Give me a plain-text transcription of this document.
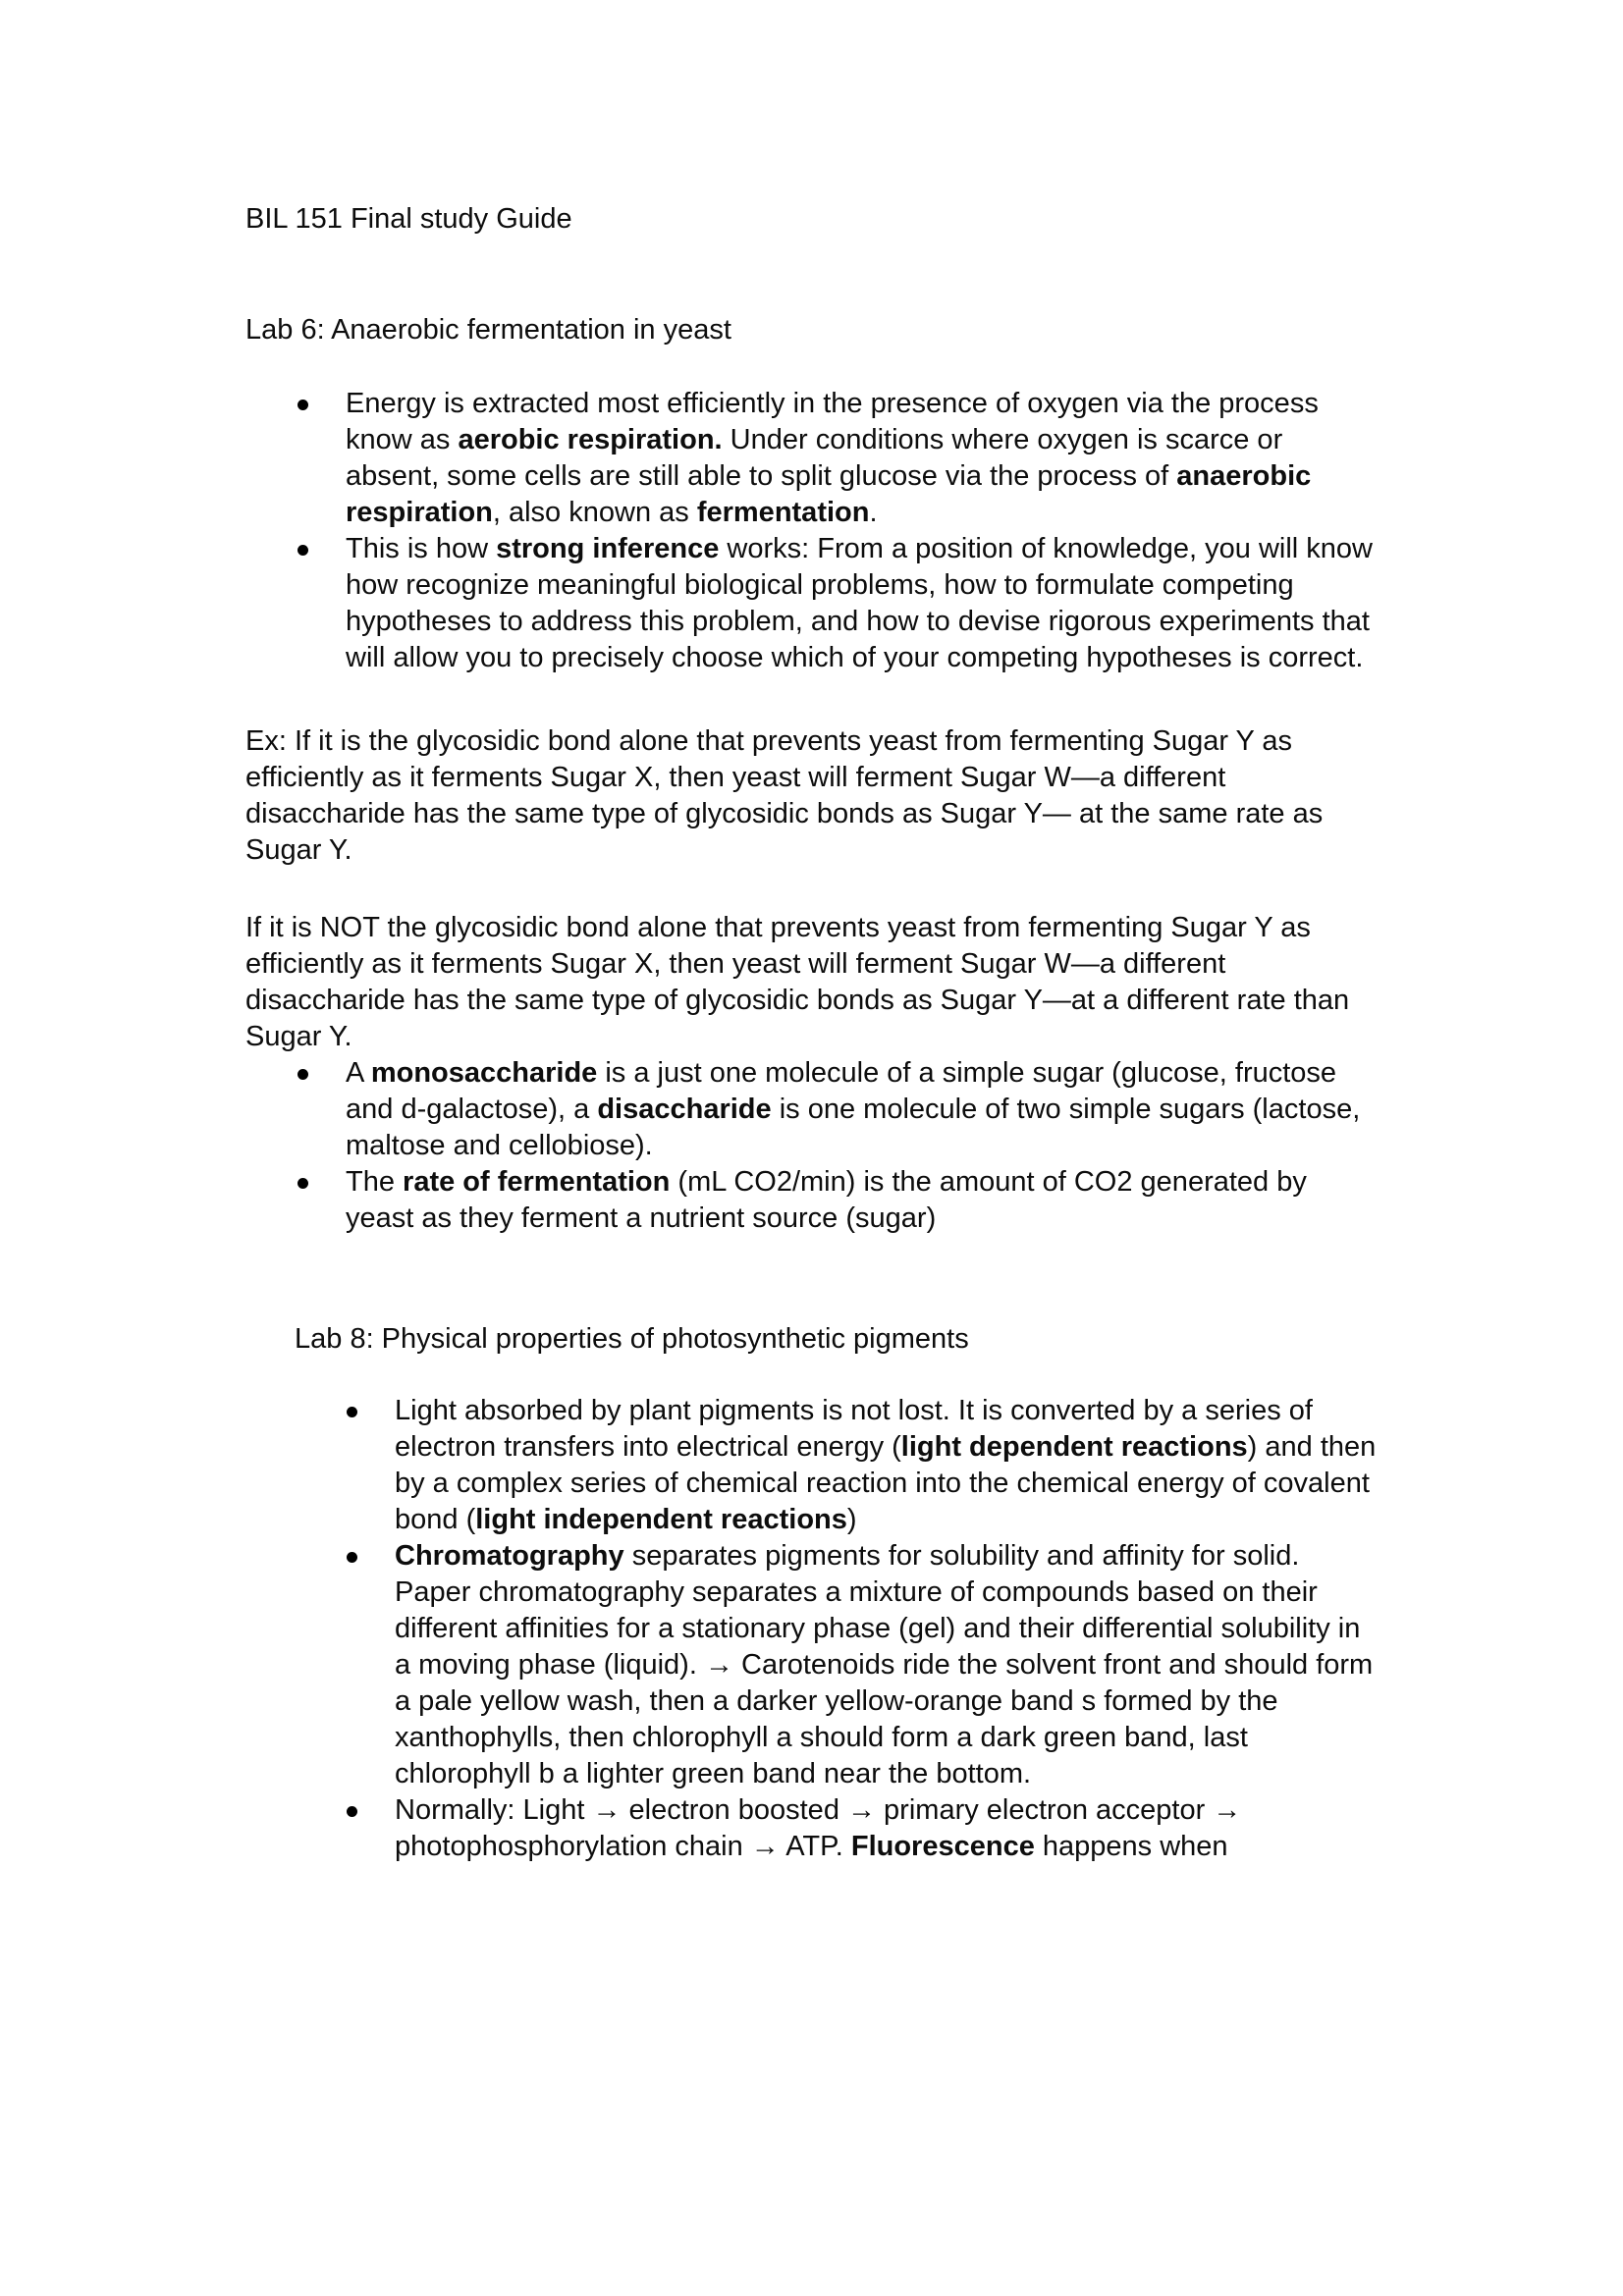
BIL 151 Final study Guide

Lab 6: Anaerobic fermentation in yeast

Energy is extracted most efficiently in the presence of oxygen via the process know as aerobic respiration. Under conditions where oxygen is scarce or absent, some cells are still able to split glucose via the process of anaerobic respiration, also known as fermentation.
This is how strong inference works: From a position of knowledge, you will know how recognize meaningful biological problems, how to formulate competing hypotheses to address this problem, and how to devise rigorous experiments that will allow you to precisely choose which of your competing hypotheses is correct.

Ex: If it is the glycosidic bond alone that prevents yeast from fermenting Sugar Y as efficiently as it ferments Sugar X, then yeast will ferment Sugar W—a different disaccharide has the same type of glycosidic bonds as Sugar Y— at the same rate as Sugar Y.

If it is NOT the glycosidic bond alone that prevents yeast from fermenting Sugar Y as efficiently as it ferments Sugar X, then yeast will ferment Sugar W—a different disaccharide has the same type of glycosidic bonds as Sugar Y—at a different rate than Sugar Y.

A monosaccharide is a just one molecule of a simple sugar (glucose, fructose and d-galactose), a disaccharide is one molecule of two simple sugars (lactose, maltose and cellobiose).
The rate of fermentation (mL CO2/min) is the amount of CO2 generated by yeast as they ferment a nutrient source (sugar)

Lab 8: Physical properties of photosynthetic pigments

Light absorbed by plant pigments is not lost. It is converted by a series of electron transfers into electrical energy (light dependent reactions) and then by a complex series of chemical reaction into the chemical energy of covalent bond (light independent reactions)
Chromatography separates pigments for solubility and affinity for solid. Paper chromatography separates a mixture of compounds based on their different affinities for a stationary phase (gel) and their differential solubility in a moving phase (liquid). → Carotenoids ride the solvent front and should form a pale yellow wash, then a darker yellow-orange band s formed by the xanthophylls, then chlorophyll a should form a dark green band, last chlorophyll b a lighter green band near the bottom.
Normally: Light → electron boosted → primary electron acceptor → photophosphorylation chain → ATP. Fluorescence happens when
